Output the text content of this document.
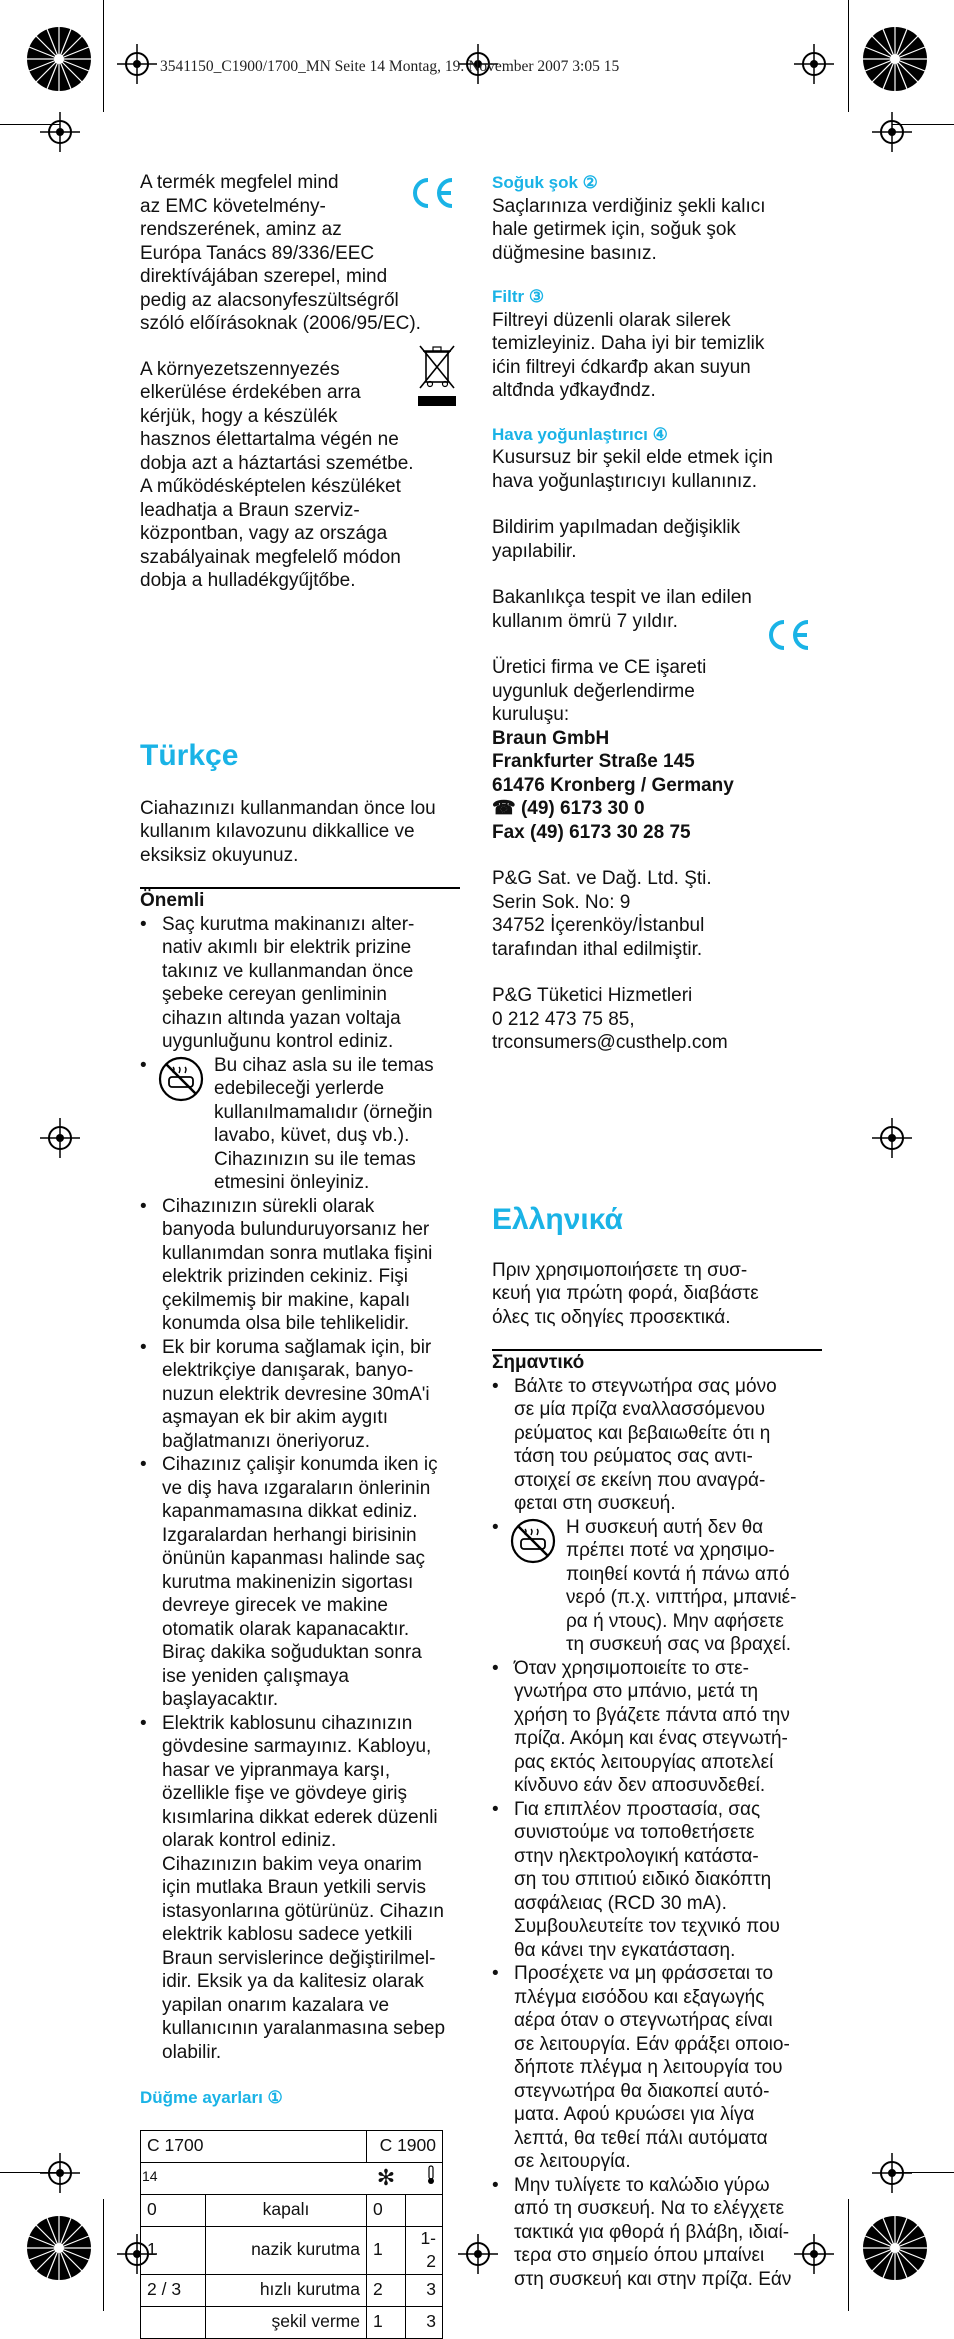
3541150_C1900/1700_MN Seite 14 Montag, 19. November 2007 3:05 15

A termék megfelel mind
az EMC követelmény-
rendszerének, aminz az
Európa Tanács 89/336/EEC
direktívájában szerepel, mind
pedig az alacsonyfeszültségről
szóló előírásoknak (2006/95/EC).

A környezetszennyezés
elkerülése érdekében arra
kérjük, hogy a készülék
hasznos élettartalma végén ne
dobja azt a háztartási szemétbe.
A működésképtelen készüléket
leadhatja a Braun szerviz-
központban, vagy az országa
szabályainak megfelelő módon
dobja a hulladékgyűjtőbe.

Türkçe

Ciahazınızı kullanmandan önce lou
kullanım kılavozunu dikkallice ve
eksiksiz okuyunuz.

Önemli
• Saç kurutma makinanızı alter-
nativ akımlı bir elektrik prizine
takınız ve kullanmandan önce
şebeke cereyan genliminin
cihazın altında yazan voltaja
uygunluğunu kontrol ediniz.
•	Bu cihaz asla su ile temas
edebileceği yerlerde
kullanılmamalıdır (örneğin
lavabo, küvet, duş vb.).
Cihazınızın su ile temas
etmesini önleyiniz.
• Cihazınızın sürekli olarak
banyoda bulunduruyorsanız her
kullanımdan sonra mutlaka fişini
elektrik prizinden cekiniz. Fişi
çekilmemiş bir makine, kapalı
konumda olsa bile tehlikelidir.
• Ek bir koruma sağlamak için, bir
elektrikçiye danışarak, banyo-
nuzun elektrik devresine 30mA'i
aşmayan ek bir akim aygıtı
bağlatmanızı öneriyoruz.
• Cihazınız çalişir konumda iken iç
ve diş hava ızgaraların önlerinin
kapanmamasına dikkat ediniz.
Izgaralardan herhangi birisinin
önünün kapanması halinde saç
kurutma makinenizin sigortası
devreye girecek ve makine
otomatik olarak kapanacaktır.
Biraç dakika soğuduktan sonra
ise yeniden çalışmaya
başlayacaktır.
• Elektrik kablosunu cihazınızın
gövdesine sarmayınız. Kabloyu,
hasar ve yipranmaya karşı,
özellikle fişe ve gövdeye giriş
kısımlarina dikkat ederek düzenli
olarak kontrol ediniz.
Cihazınızın bakim veya onarim
için mutlaka Braun yetkili servis
istasyonlarına götürünüz. Cihazın
elektrik kablosu sadece yetkili
Braun servislerince değiştirilmel-
idir. Eksik ya da kalitesiz olarak
yapilan onarım kazalara ve
kullanıcının yaralanmasına sebep
olabilir.
Düğme ayarları ①
C 1700		C 1900	
		✻	
0	kapalı	0	
1	nazik kurutma	1	1-2
2 / 3	hızlı kurutma	2	3
	şekil verme	1	3
Soğuk şok ②

Saçlarınıza verdiğiniz şekli kalıcı
hale getirmek için, soğuk şok
düğmesine basınız.

Filtr ③

Filtreyi düzenli olarak silerek
temizleyiniz. Daha iyi bir temizlik
ićin filtreyi ćdkarđp akan suyun
altđnda yđkayđndz.

Hava yoğunlaştırıcı ④

Kusursuz bir şekil elde etmek için
hava yoğunlaştırıcıyı kullanınız.

Bildirim yapılmadan değişiklik
yapılabilir.

Bakanlıkça tespit ve ilan edilen
kullanım ömrü 7 yıldır.

Üretici firma ve CE işareti
uygunluk değerlendirme
kuruluşu:

Braun GmbH
Frankfurter Straße 145
61476 Kronberg / Germany
☎ (49) 6173 30 0
Fax (49) 6173 30 28 75

P&G Sat. ve Dağ. Ltd. Şti.
Serin Sok. No: 9
34752 İçerenköy/İstanbul
tarafından ithal edilmiştir.

P&G Tüketici Hizmetleri
0 212 473 75 85,
trconsumers@custhelp.com

Ελληνικά

Πριν χρησιμοποιήσετε τη συσ-
κευή για πρώτη φορά, διαβάστε
όλες τις οδηγίες προσεκτικά.

Σημαντικό
• Βάλτε το στεγνωτήρα σας μόνο
σε μία πρίζα εναλλασσόμενου
ρεύματος και βεβαιωθείτε ότι η
τάση του ρεύματος σας αντι-
στοιχεί σε εκείνη που αναγρά-
φεται στη συσκευή.
•	Η συσκευή αυτή δεν θα
πρέπει ποτέ να χρησιμο-
ποιηθεί κοντά ή πάνω από
νερό (π.χ. νιπτήρα, μπανιέ-
ρα ή ντους). Μην αφήσετε
τη συσκευή σας να βραχεί.
• Όταν χρησιμοποιείτε το στε-
γνωτήρα στο μπάνιο, μετά τη
χρήση το βγάζετε πάντα από την
πρίζα. Ακόμη και ένας στεγνωτή-
ρας εκτός λειτουργίας αποτελεί
κίνδυνο εάν δεν αποσυνδεθεί.
• Για επιπλέον προστασία, σας
συνιστούμε να τοποθετήσετε
στην ηλεκτρολογική κατάστα-
ση του σπιτιού ειδικό διακόπτη
ασφάλειας (RCD 30 mA).
Συμβουλευτείτε τον τεχνικό που
θα κάνει την εγκατάσταση.
• Προσέχετε να μη φράσσεται το
πλέγμα εισόδου και εξαγωγής
αέρα όταν ο στεγνωτήρας είναι
σε λειτουργία. Εάν φράξει οποιο-
δήποτε πλέγμα η λειτουργία του
στεγνωτήρα θα διακοπεί αυτό-
ματα. Αφού κρυώσει για λίγα
λεπτά, θα τεθεί πάλι αυτόματα
σε λειτουργία.
• Μην τυλίγετε το καλώδιο γύρω
από τη συσκευή. Να το ελέγχετε
τακτικά για φθορά ή βλάβη, ιδιαί-
τερα στο σημείο όπου μπαίνει
στη συσκευή και στην πρίζα. Εάν
14
